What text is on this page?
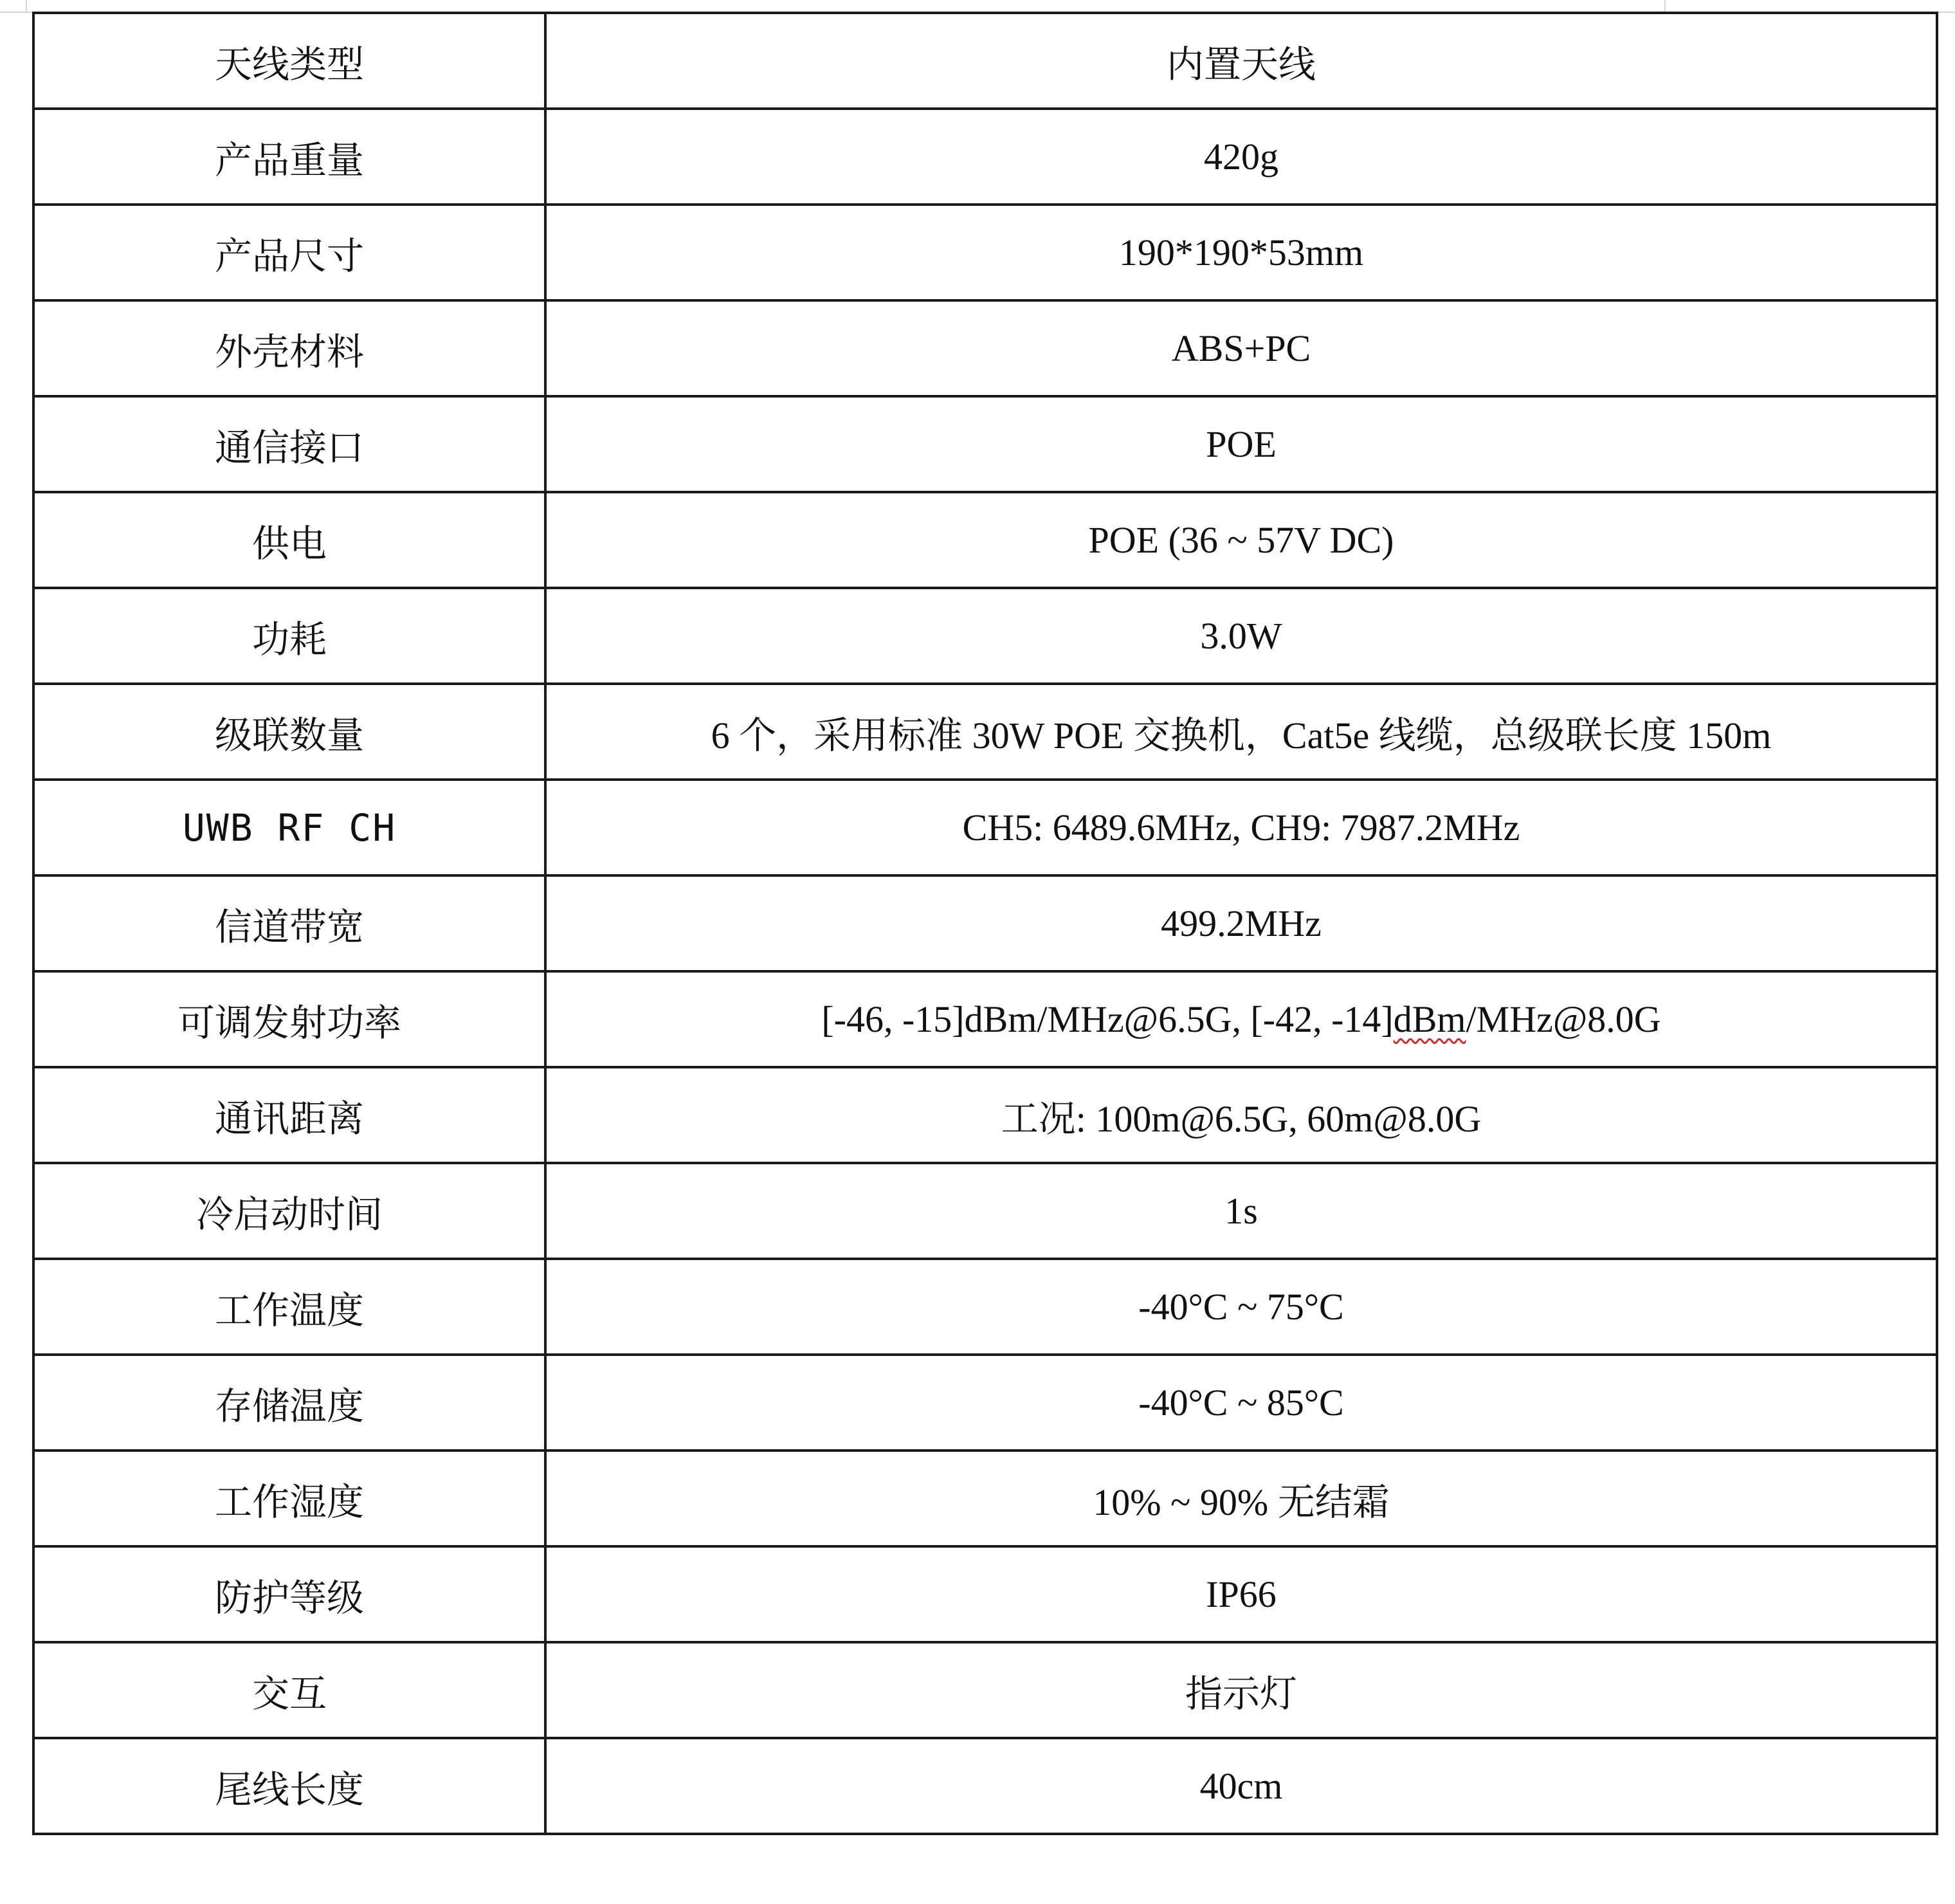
天线类型	内置天线
产品重量	420g
产品尺寸	190*190*53mm
外壳材料	ABS+PC
通信接口	POE
供电	POE (36 ~ 57V DC)
功耗	3.0W
级联数量	6 个，采用标准 30W POE 交换机，Cat5e 线缆，总级联长度 150m
UWB RF CH	CH5: 6489.6MHz, CH9: 7987.2MHz
信道带宽	499.2MHz
可调发射功率	[-46, -15]dBm/MHz@6.5G, [-42, -14]dBm/MHz@8.0G
通讯距离	工况: 100m@6.5G, 60m@8.0G
冷启动时间	1s
工作温度	-40°C ~ 75°C
存储温度	-40°C ~ 85°C
工作湿度	10% ~ 90% 无结霜
防护等级	IP66
交互	指示灯
尾线长度	40cm
